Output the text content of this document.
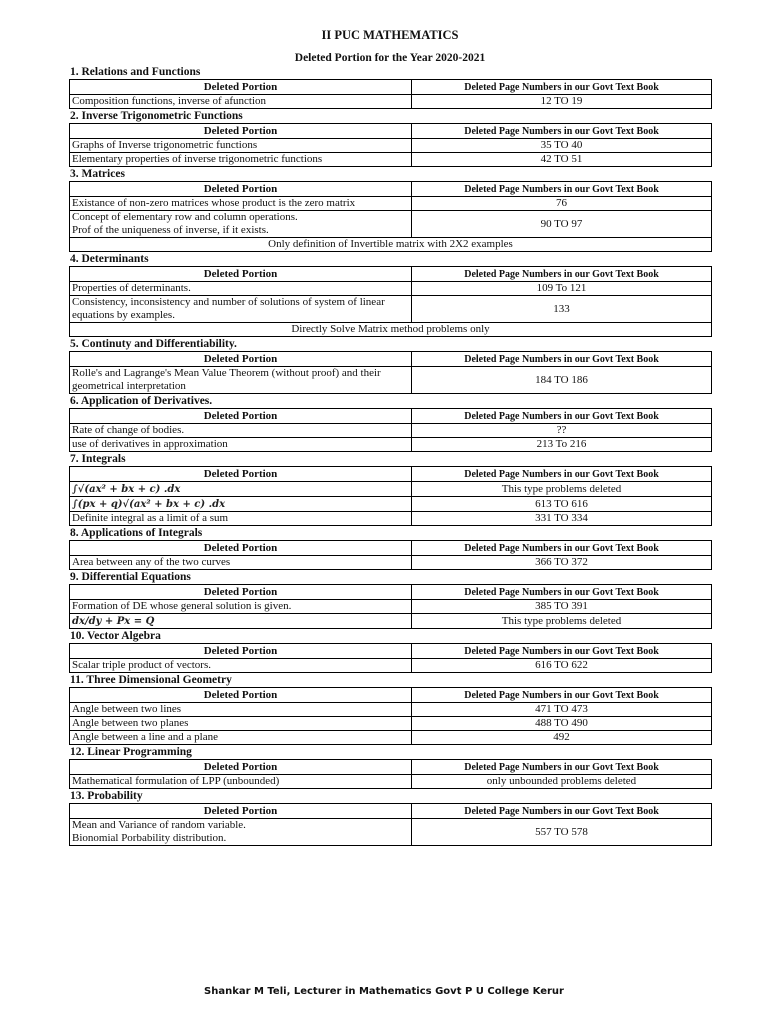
II PUC MATHEMATICS
Deleted Portion for the Year 2020-2021
1. Relations and Functions
Deleted Portion	Deleted Page Numbers in our Govt Text Book
Composition functions, inverse of afunction	12 TO 19
2. Inverse Trigonometric Functions
Deleted Portion	Deleted Page Numbers in our Govt Text Book
Graphs of Inverse trigonometric functions	35 TO 40
Elementary properties of inverse trigonometric functions	42 TO 51
3. Matrices
Deleted Portion	Deleted Page Numbers in our Govt Text Book
Existance of non-zero matrices whose product is the zero matrix	76
Concept of elementary row and column operations.
Prof of the uniqueness of inverse, if it exists.	90 TO 97
Only definition of Invertible matrix with 2X2 examples	
4. Determinants
Deleted Portion	Deleted Page Numbers in our Govt Text Book
Properties of determinants.	109 To 121
Consistency, inconsistency and number of solutions of system of linear equations by examples.	133
Directly Solve Matrix method problems only	
5. Continuty and Differentiability.
Deleted Portion	Deleted Page Numbers in our Govt Text Book
Rolle's and Lagrange's Mean Value Theorem (without proof) and their geometrical interpretation	184 TO 186
6. Application of Derivatives.
Deleted Portion	Deleted Page Numbers in our Govt Text Book
Rate of change of bodies.	??
use of derivatives in approximation	213 To 216
7. Integrals
Deleted Portion	Deleted Page Numbers in our Govt Text Book
∫√(ax² + bx + c) .dx	This type problems deleted
∫(px + q)√(ax² + bx + c) .dx	613 TO 616
Definite integral as a limit of a sum	331 TO 334
8. Applications of Integrals
Deleted Portion	Deleted Page Numbers in our Govt Text Book
Area between any of the two curves	366 TO 372
9. Differential Equations
Deleted Portion	Deleted Page Numbers in our Govt Text Book
Formation of DE whose general solution is given.	385 TO 391
dx/dy + Px = Q	This type problems deleted
10. Vector Algebra
Deleted Portion	Deleted Page Numbers in our Govt Text Book
Scalar triple product of vectors.	616 TO 622
11. Three Dimensional Geometry
Deleted Portion	Deleted Page Numbers in our Govt Text Book
Angle between two lines	471 TO 473
Angle between two planes	488 TO 490
Angle between a line and a plane	492
12. Linear Programming
Deleted Portion	Deleted Page Numbers in our Govt Text Book
Mathematical formulation of LPP (unbounded)	only unbounded problems deleted
13. Probability
Deleted Portion	Deleted Page Numbers in our Govt Text Book
Mean and Variance of random variable.
Bionomial Porbability distribution.	557 TO 578
Shankar M Teli, Lecturer in Mathematics Govt P U College Kerur
